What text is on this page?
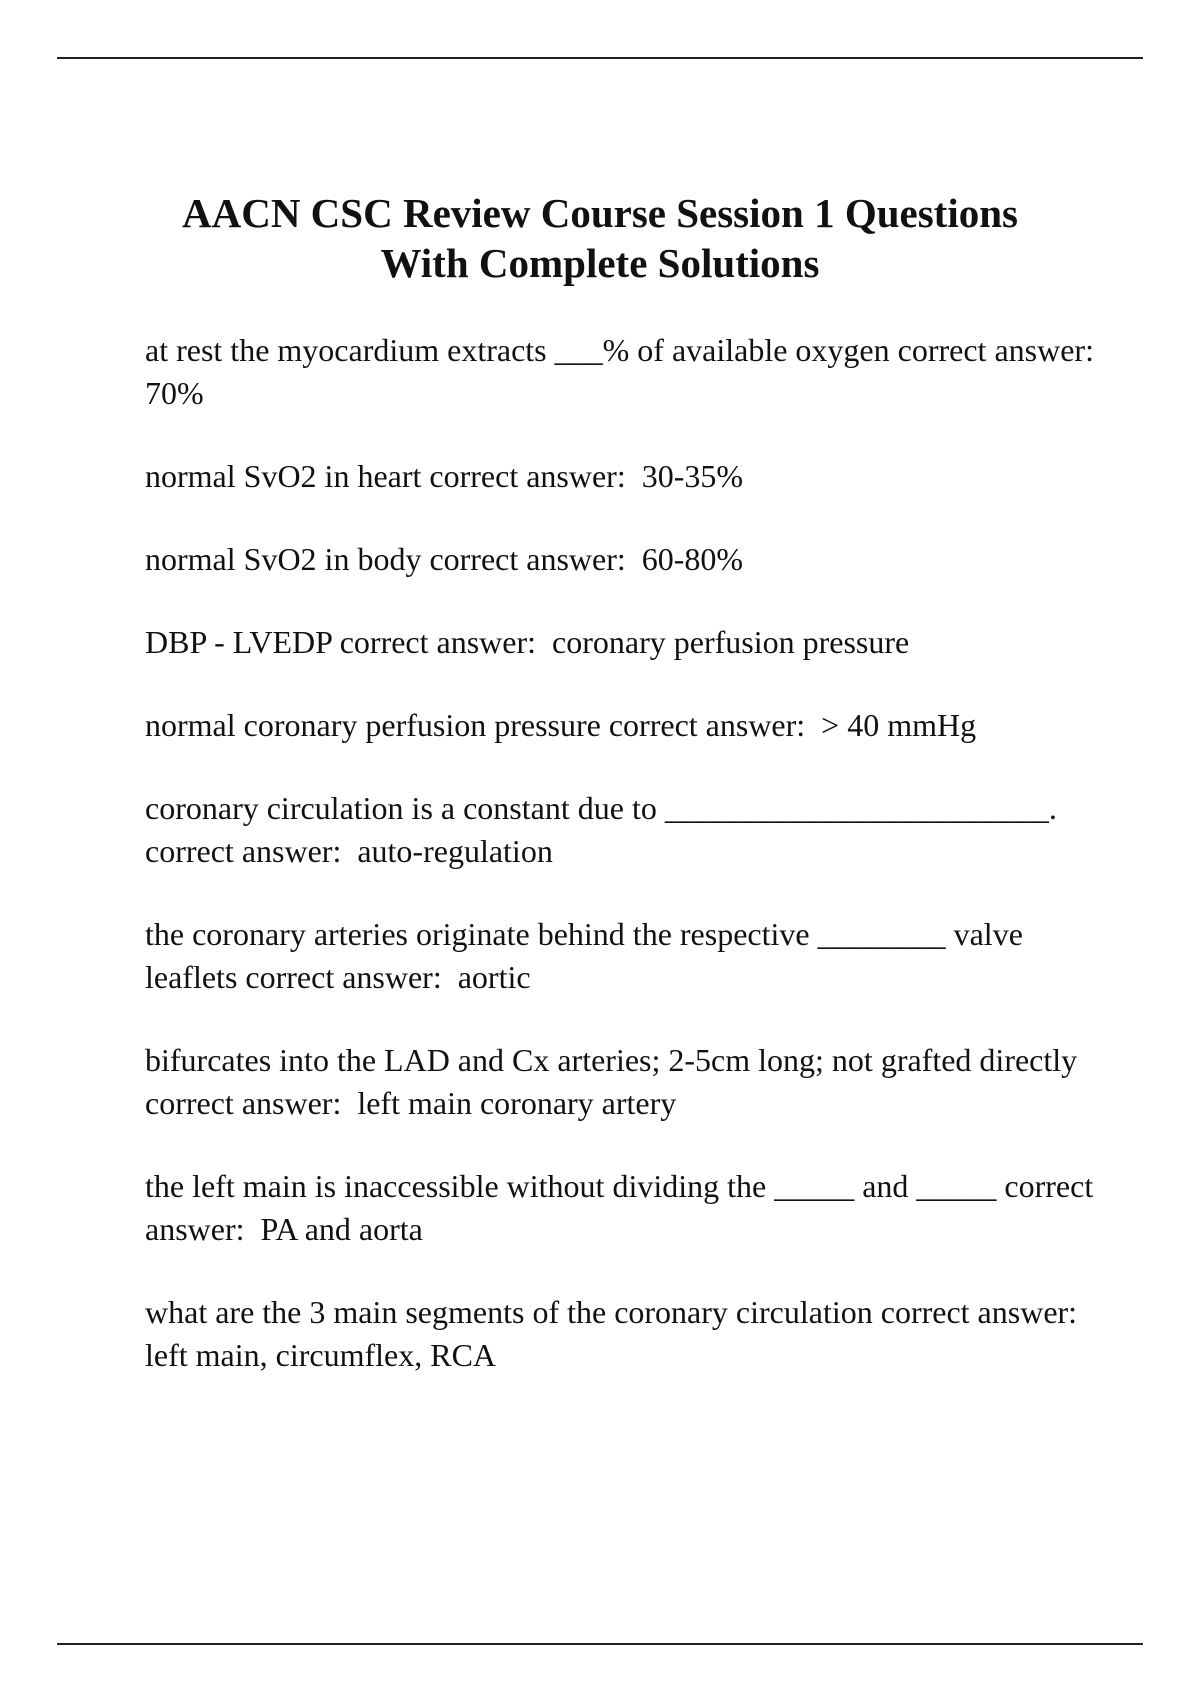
AACN CSC Review Course Session 1 Questions
With Complete Solutions
at rest the myocardium extracts ___% of available oxygen correct answer:  70%
normal SvO2 in heart correct answer:  30-35%
normal SvO2 in body correct answer:  60-80%
DBP - LVEDP correct answer:  coronary perfusion pressure
normal coronary perfusion pressure correct answer:  > 40 mmHg
coronary circulation is a constant due to ________________________. correct answer:  auto-regulation
the coronary arteries originate behind the respective ________ valve leaflets correct answer:  aortic
bifurcates into the LAD and Cx arteries; 2-5cm long; not grafted directly correct answer:  left main coronary artery
the left main is inaccessible without dividing the _____ and _____ correct answer:  PA and aorta
what are the 3 main segments of the coronary circulation correct answer:  left main, circumflex, RCA
